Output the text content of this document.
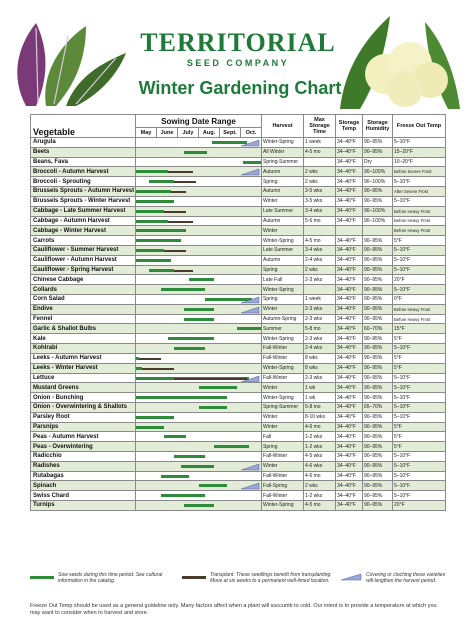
TERRITORIAL
SEED COMPANY
Winter Gardening Chart
Vegetable	Sowing Date Range						Harvest	Max Storage Time	Storage Temp	Storage Humidity	Freeze Out Temp
	May	June	July	Aug.	Sept.	Oct.					
Arugula							Winter-Spring	1 week	34–40°F	90–95%	5–10°F
Beets							All Winter	4-5 mo	34–40°F	90–95%	15–20°F
Beans, Fava							Spring-Summer		34–40°F	Dry	10–20°F
Broccoli - Autumn Harvest							Autumn	2 wks	34–40°F	90–100%	Before Severe Frost
Broccoli - Sprouting							Spring	2 wks	34–40°F	90–100%	5–10°F
Brussels Sprouts - Autumn Harvest							Autumn	3-5 wks	34–40°F	90–95%	After Severe Frost
Brussels Sprouts - Winter Harvest							Winter	3-5 wks	34–40°F	90–95%	5–10°F
Cabbage - Late Summer Harvest							Late Summer	3-4 wks	34–40°F	90–100%	Before Heavy Frost
Cabbage - Autumn Harvest							Autumn	5-6 mo	34–40°F	90–100%	Before Heavy Frost
Cabbage - Winter Harvest							Winter				Before Heavy Frost
Carrots							Winter-Spring	4-5 mo	34–40°F	90–95%	5°F
Cauliflower - Summer Harvest							Late Summer	3-4 wks	34–40°F	90–95%	5–10°F
Cauliflower - Autumn Harvest							Autumn	2-4 wks	34–40°F	90–95%	5–10°F
Cauliflower - Spring Harvest							Spring	2 wks	34–40°F	90–95%	5–10°F
Chinese Cabbage							Late Fall	2-3 wks	34–40°F	90–95%	20°F
Collards							Winter-Spring		34–40°F	90–95%	5–10°F
Corn Salad							Spring	1 week	34–40°F	90–95%	0°F
Endive							Winter	2-3 wks	34–40°F	90–95%	Before Heavy Frost
Fennel							Autumn-Spring	2-3 wks	34–40°F	90–95%	Before Heavy Frost
Garlic & Shallot Bulbs							Summer	5-8 mo	34–40°F	60–70%	15°F
Kale							Winter-Spring	2-3 wks	34–40°F	90–95%	5°F
Kohlrabi							Fall-Winter	2-4 wks	34–40°F	90–95%	5–10°F
Leeks - Autumn Harvest							Fall-Winter	8 wks	34–40°F	90–95%	5°F
Leeks - Winter Harvest							Winter-Spring	8 wks	34–40°F	90–95%	5°F
Lettuce							Fall-Winter	2-3 wks	34–40°F	90–95%	5–10°F
Mustard Greens							Winter	1 wk	34–40°F	90–95%	5–10°F
Onion - Bunching							Winter-Spring	1 wk	34–40°F	90–95%	5–10°F
Onion - Overwintering & Shallots							Spring-Summer	5-8 mo	34–40°F	65–70%	5–10°F
Parsley Root							Winter	8-10 wks	34–40°F	90–95%	5–10°F
Parsnips							Winter	4-6 mo	34–40°F	90–95%	5°F
Peas - Autumn Harvest							Fall	1-2 wks	34–40°F	90–95%	5°F
Peas - Overwintering							Spring	1-2 wks	34–40°F	90–95%	5°F
Radicchio							Fall-Winter	4-5 wks	34–40°F	90–95%	5–10°F
Radishes							Winter	4-6 wks	34–40°F	90–95%	5–10°F
Rutabagas							Fall-Winter	4-6 mo	34–40°F	90–95%	5–10°F
Spinach							Fall-Spring	2 wks	34–40°F	90–95%	5–10°F
Swiss Chard							Fall-Winter	1-2 wks	34–40°F	90–95%	5–10°F
Turnips							Winter-Spring	4-5 mo	34–40°F	90–95%	20°F
Sow seeds during this time period. See cultural information in the catalog.
Transplant: These seedlings benefit from transplanting. Move at six weeks to a permanent well-limed location.
Covering or cloching these varieties will lengthen the harvest period.
Freeze Out Temp should be used as a general guideline only. Many factors affect when a plant will succumb to cold. Our intent is to provide a temperature at which you may want to consider when to harvest and store.
